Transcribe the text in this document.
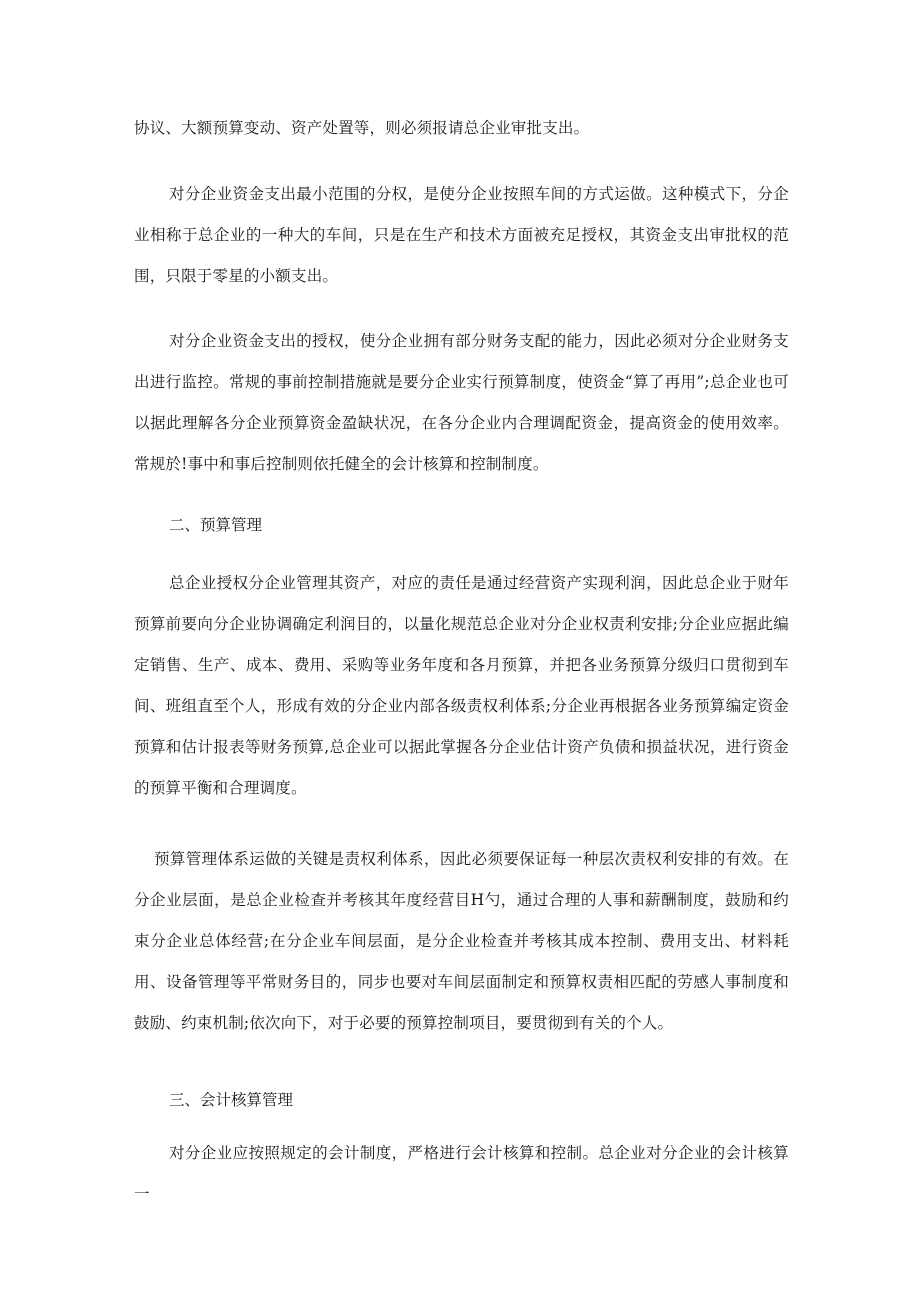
协议、大额预算变动、资产处置等，则必须报请总企业审批支出。

对分企业资金支出最小范围的分权，是使分企业按照车间的方式运做。这种模式下，分企业相称于总企业的一种大的车间，只是在生产和技术方面被充足授权，其资金支出审批权的范围，只限于零星的小额支出。

对分企业资金支出的授权，使分企业拥有部分财务支配的能力，因此必须对分企业财务支出进行监控。常规的事前控制措施就是要分企业实行预算制度，使资金“算了再用”;总企业也可以据此理解各分企业预算资金盈缺状况，在各分企业内合理调配资金，提高资金的使用效率。常规於!事中和事后控制则依托健全的会计核算和控制制度。

二、预算管理

总企业授权分企业管理其资产，对应的责任是通过经营资产实现利润，因此总企业于财年预算前要向分企业协调确定利润目的，以量化规范总企业对分企业权责利安排;分企业应据此编定销售、生产、成本、费用、采购等业务年度和各月预算，并把各业务预算分级归口贯彻到车间、班组直至个人，形成有效的分企业内部各级责权利体系;分企业再根据各业务预算编定资金预算和估计报表等财务预算,总企业可以据此掌握各分企业估计资产负债和损益状况，进行资金的预算平衡和合理调度。

预算管理体系运做的关键是责权利体系，因此必须要保证每一种层次责权利安排的有效。在分企业层面，是总企业检查并考核其年度经营目H勺，通过合理的人事和薪酬制度，鼓励和约束分企业总体经营;在分企业车间层面，是分企业检查并考核其成本控制、费用支出、材料耗用、设备管理等平常财务目的，同步也要对车间层面制定和预算权责相匹配的劳感人事制度和鼓励、约束机制;依次向下，对于必要的预算控制项目，要贯彻到有关的个人。

三、会计核算管理

对分企业应按照规定的会计制度，严格进行会计核算和控制。总企业对分企业的会计核算一
